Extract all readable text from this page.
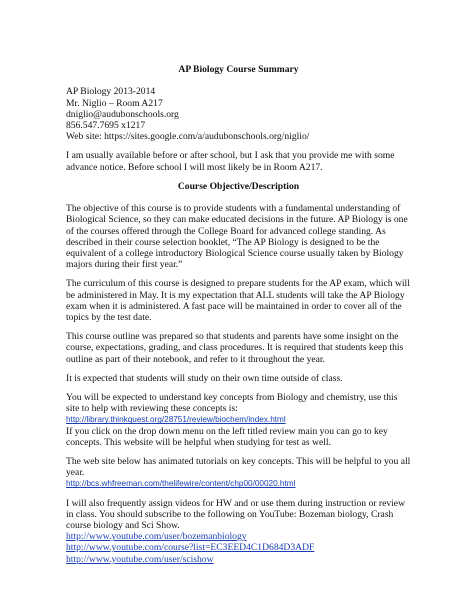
AP Biology Course Summary

AP Biology 2013-2014
Mr. Niglio – Room A217
dniglio@audubonschools.org
856.547.7695 x1217
Web site: https://sites.google.com/a/audubonschools.org/niglio/
I am usually available before or after school, but I ask that you provide me with some
advance notice. Before school I will most likely be in Room A217.

Course Objective/Description

The objective of this course is to provide students with a fundamental understanding of
Biological Science, so they can make educated decisions in the future. AP Biology is one
of the courses offered through the College Board for advanced college standing. As
described in their course selection booklet, “The AP Biology is designed to be the
equivalent of a college introductory Biological Science course usually taken by Biology
majors during their first year.”
The curriculum of this course is designed to prepare students for the AP exam, which will
be administered in May. It is my expectation that ALL students will take the AP Biology
exam when it is administered. A fast pace will be maintained in order to cover all of the
topics by the test date.
This course outline was prepared so that students and parents have some insight on the
course, expectations, grading, and class procedures. It is required that students keep this
outline as part of their notebook, and refer to it throughout the year.
It is expected that students will study on their own time outside of class.
You will be expected to understand key concepts from Biology and chemistry, use this
site to help with reviewing these concepts is:
http://library.thinkquest.org/28751/review/biochem/index.html
If you click on the drop down menu on the left titled review main you can go to key
concepts. This website will be helpful when studying for test as well.
The web site below has animated tutorials on key concepts. This will be helpful to you all
year.
http://bcs.whfreeman.com/thelifewire/content/chp00/00020.html
I will also frequently assign videos for HW and or use them during instruction or review
in class. You should subscribe to the following on YouTube: Bozeman biology, Crash
course biology and Sci Show.
http://www.youtube.com/user/bozemanbiology
http://www.youtube.com/course?list=EC3EED4C1D684D3ADF
http://www.youtube.com/user/scishow
